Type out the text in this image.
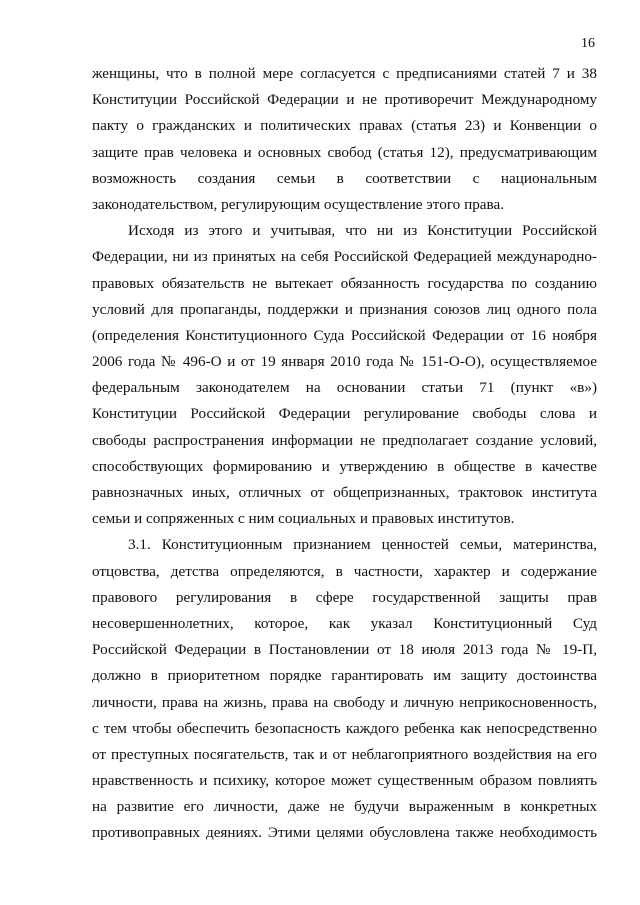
16
женщины, что в полной мере согласуется с предписаниями статей 7 и 38
Конституции Российской Федерации и не противоречит Международному
пакту о гражданских и политических правах (статья 23) и Конвенции о
защите прав человека и основных свобод (статья 12), предусматривающим
возможность создания семьи в соответствии с национальным
законодательством, регулирующим осуществление этого права.
Исходя из этого и учитывая, что ни из Конституции Российской
Федерации, ни из принятых на себя Российской Федерацией международно-
правовых обязательств не вытекает обязанность государства по созданию
условий для пропаганды, поддержки и признания союзов лиц одного пола
(определения Конституционного Суда Российской Федерации от 16 ноября
2006 года № 496-О и от 19 января 2010 года № 151-О-О), осуществляемое
федеральным законодателем на основании статьи 71 (пункт «в»)
Конституции Российской Федерации регулирование свободы слова и
свободы распространения информации не предполагает создание условий,
способствующих формированию и утверждению в обществе в качестве
равнозначных иных, отличных от общепризнанных, трактовок института
семьи и сопряженных с ним социальных и правовых институтов.
3.1. Конституционным признанием ценностей семьи, материнства,
отцовства, детства определяются, в частности, характер и содержание
правового регулирования в сфере государственной защиты прав
несовершеннолетних, которое, как указал Конституционный Суд
Российской Федерации в Постановлении от 18 июля 2013 года № 19-П,
должно в приоритетном порядке гарантировать им защиту достоинства
личности, права на жизнь, права на свободу и личную неприкосновенность,
с тем чтобы обеспечить безопасность каждого ребенка как непосредственно
от преступных посягательств, так и от неблагоприятного воздействия на его
нравственность и психику, которое может существенным образом повлиять
на развитие его личности, даже не будучи выраженным в конкретных
противоправных деяниях. Этими целями обусловлена также необходимость
